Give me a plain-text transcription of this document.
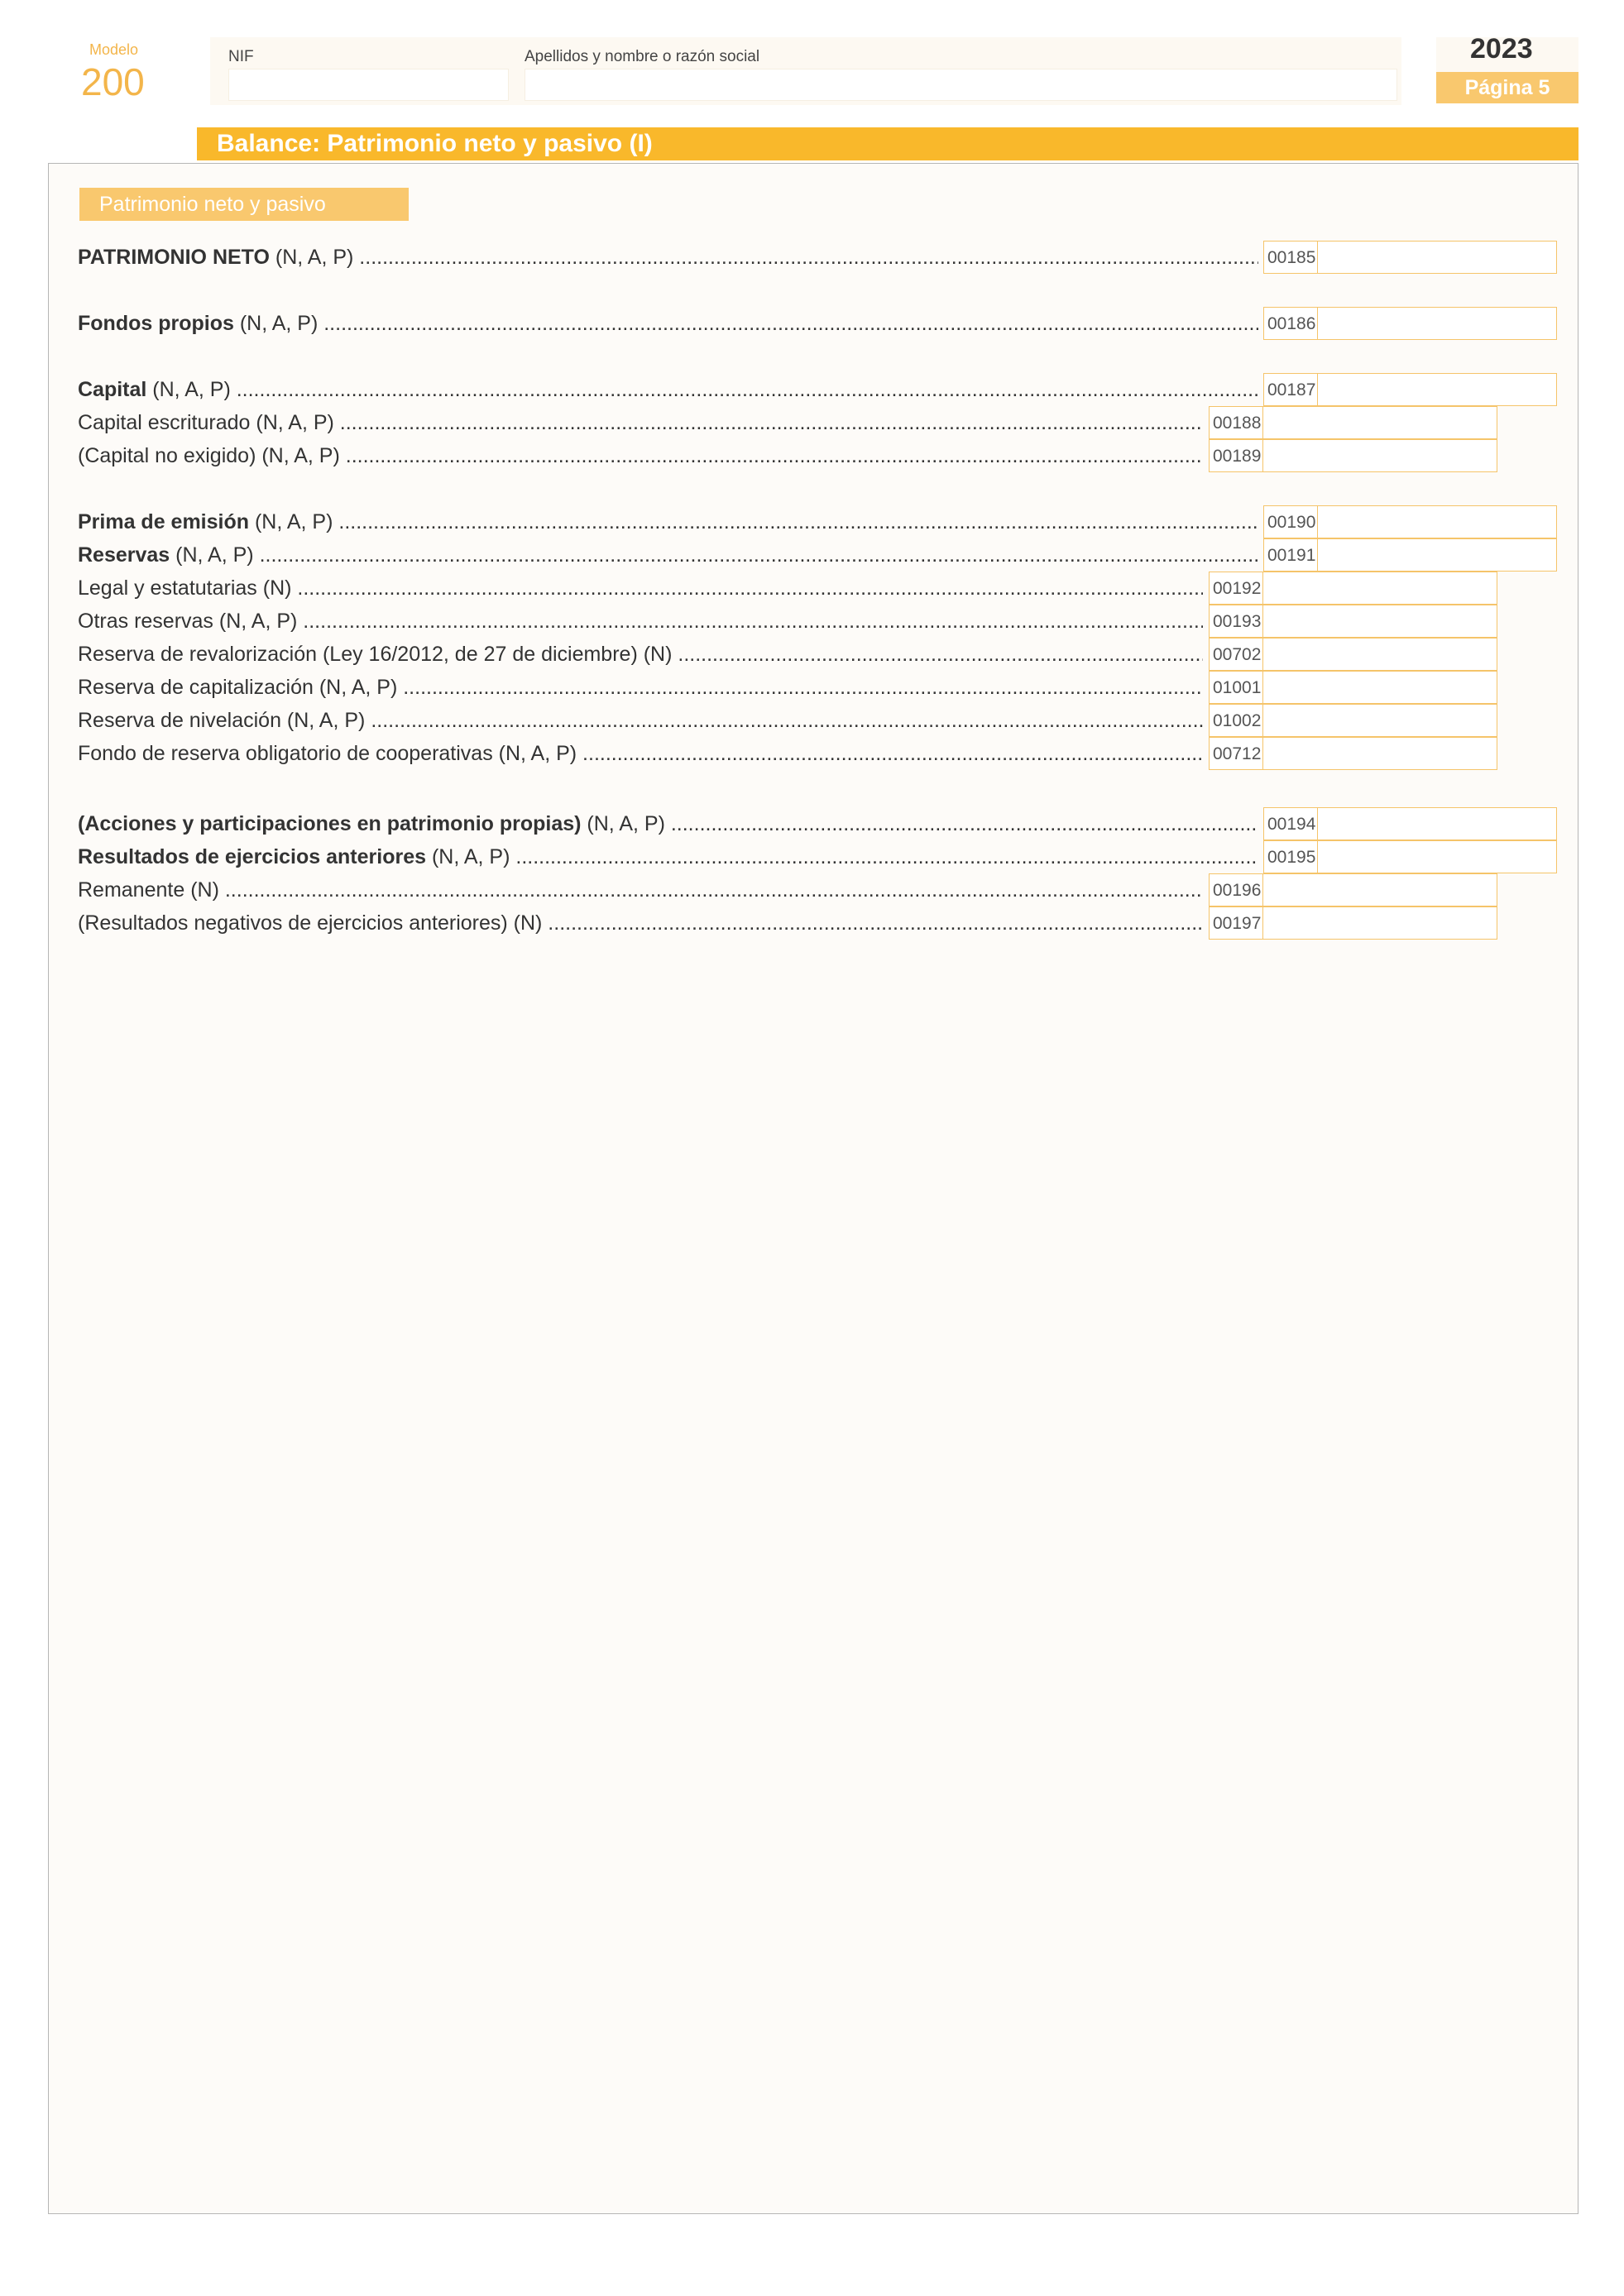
Modelo
200
NIF	Apellidos y nombre o razón social	2023
Página 5
Balance: Patrimonio neto y pasivo (I)
Patrimonio neto y pasivo
PATRIMONIO NETO (N, A, P) .....	00185
Fondos propios (N, A, P) .....	00186
Capital (N, A, P) .....	00187
Capital escriturado (N, A, P) .....	00188
(Capital no exigido) (N, A, P) .....	00189
Prima de emisión (N, A, P) .....	00190
Reservas (N, A, P) .....	00191
Legal y estatutarias (N) .....	00192
Otras reservas (N, A, P) .....	00193
Reserva de revalorización (Ley 16/2012, de 27 de diciembre) (N) .....	00702
Reserva de capitalización (N, A, P) .....	01001
Reserva de nivelación (N, A, P) .....	01002
Fondo de reserva obligatorio de cooperativas (N, A, P) .....	00712
(Acciones y participaciones en patrimonio propias) (N, A, P) .....	00194
Resultados de ejercicios anteriores (N, A, P) .....	00195
Remanente (N) .....	00196
(Resultados negativos de ejercicios anteriores) (N) .....	00197
